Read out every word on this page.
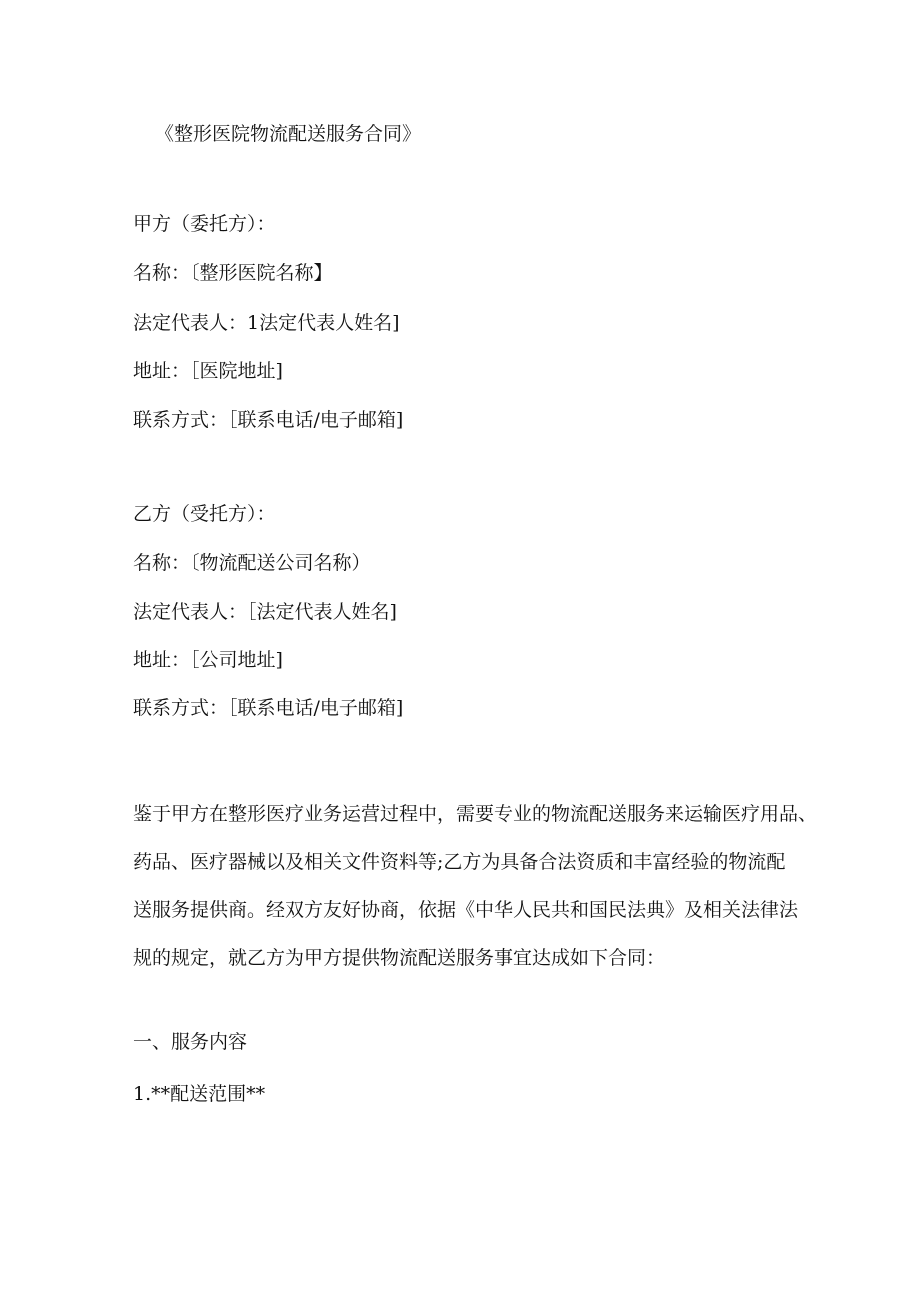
《整形医院物流配送服务合同》
甲方（委托方）：
名称：〔整形医院名称】
法定代表人：1法定代表人姓名]
地址：［医院地址]
联系方式：［联系电话/电子邮箱]
乙方（受托方）：
名称：〔物流配送公司名称）
法定代表人：［法定代表人姓名]
地址：［公司地址]
联系方式：［联系电话/电子邮箱]
鉴于甲方在整形医疗业务运营过程中，需要专业的物流配送服务来运输医疗用品、
药品、医疗器械以及相关文件资料等;乙方为具备合法资质和丰富经验的物流配
送服务提供商。经双方友好协商，依据《中华人民共和国民法典》及相关法律法
规的规定，就乙方为甲方提供物流配送服务事宜达成如下合同：
一、服务内容
1.**配送范围**
